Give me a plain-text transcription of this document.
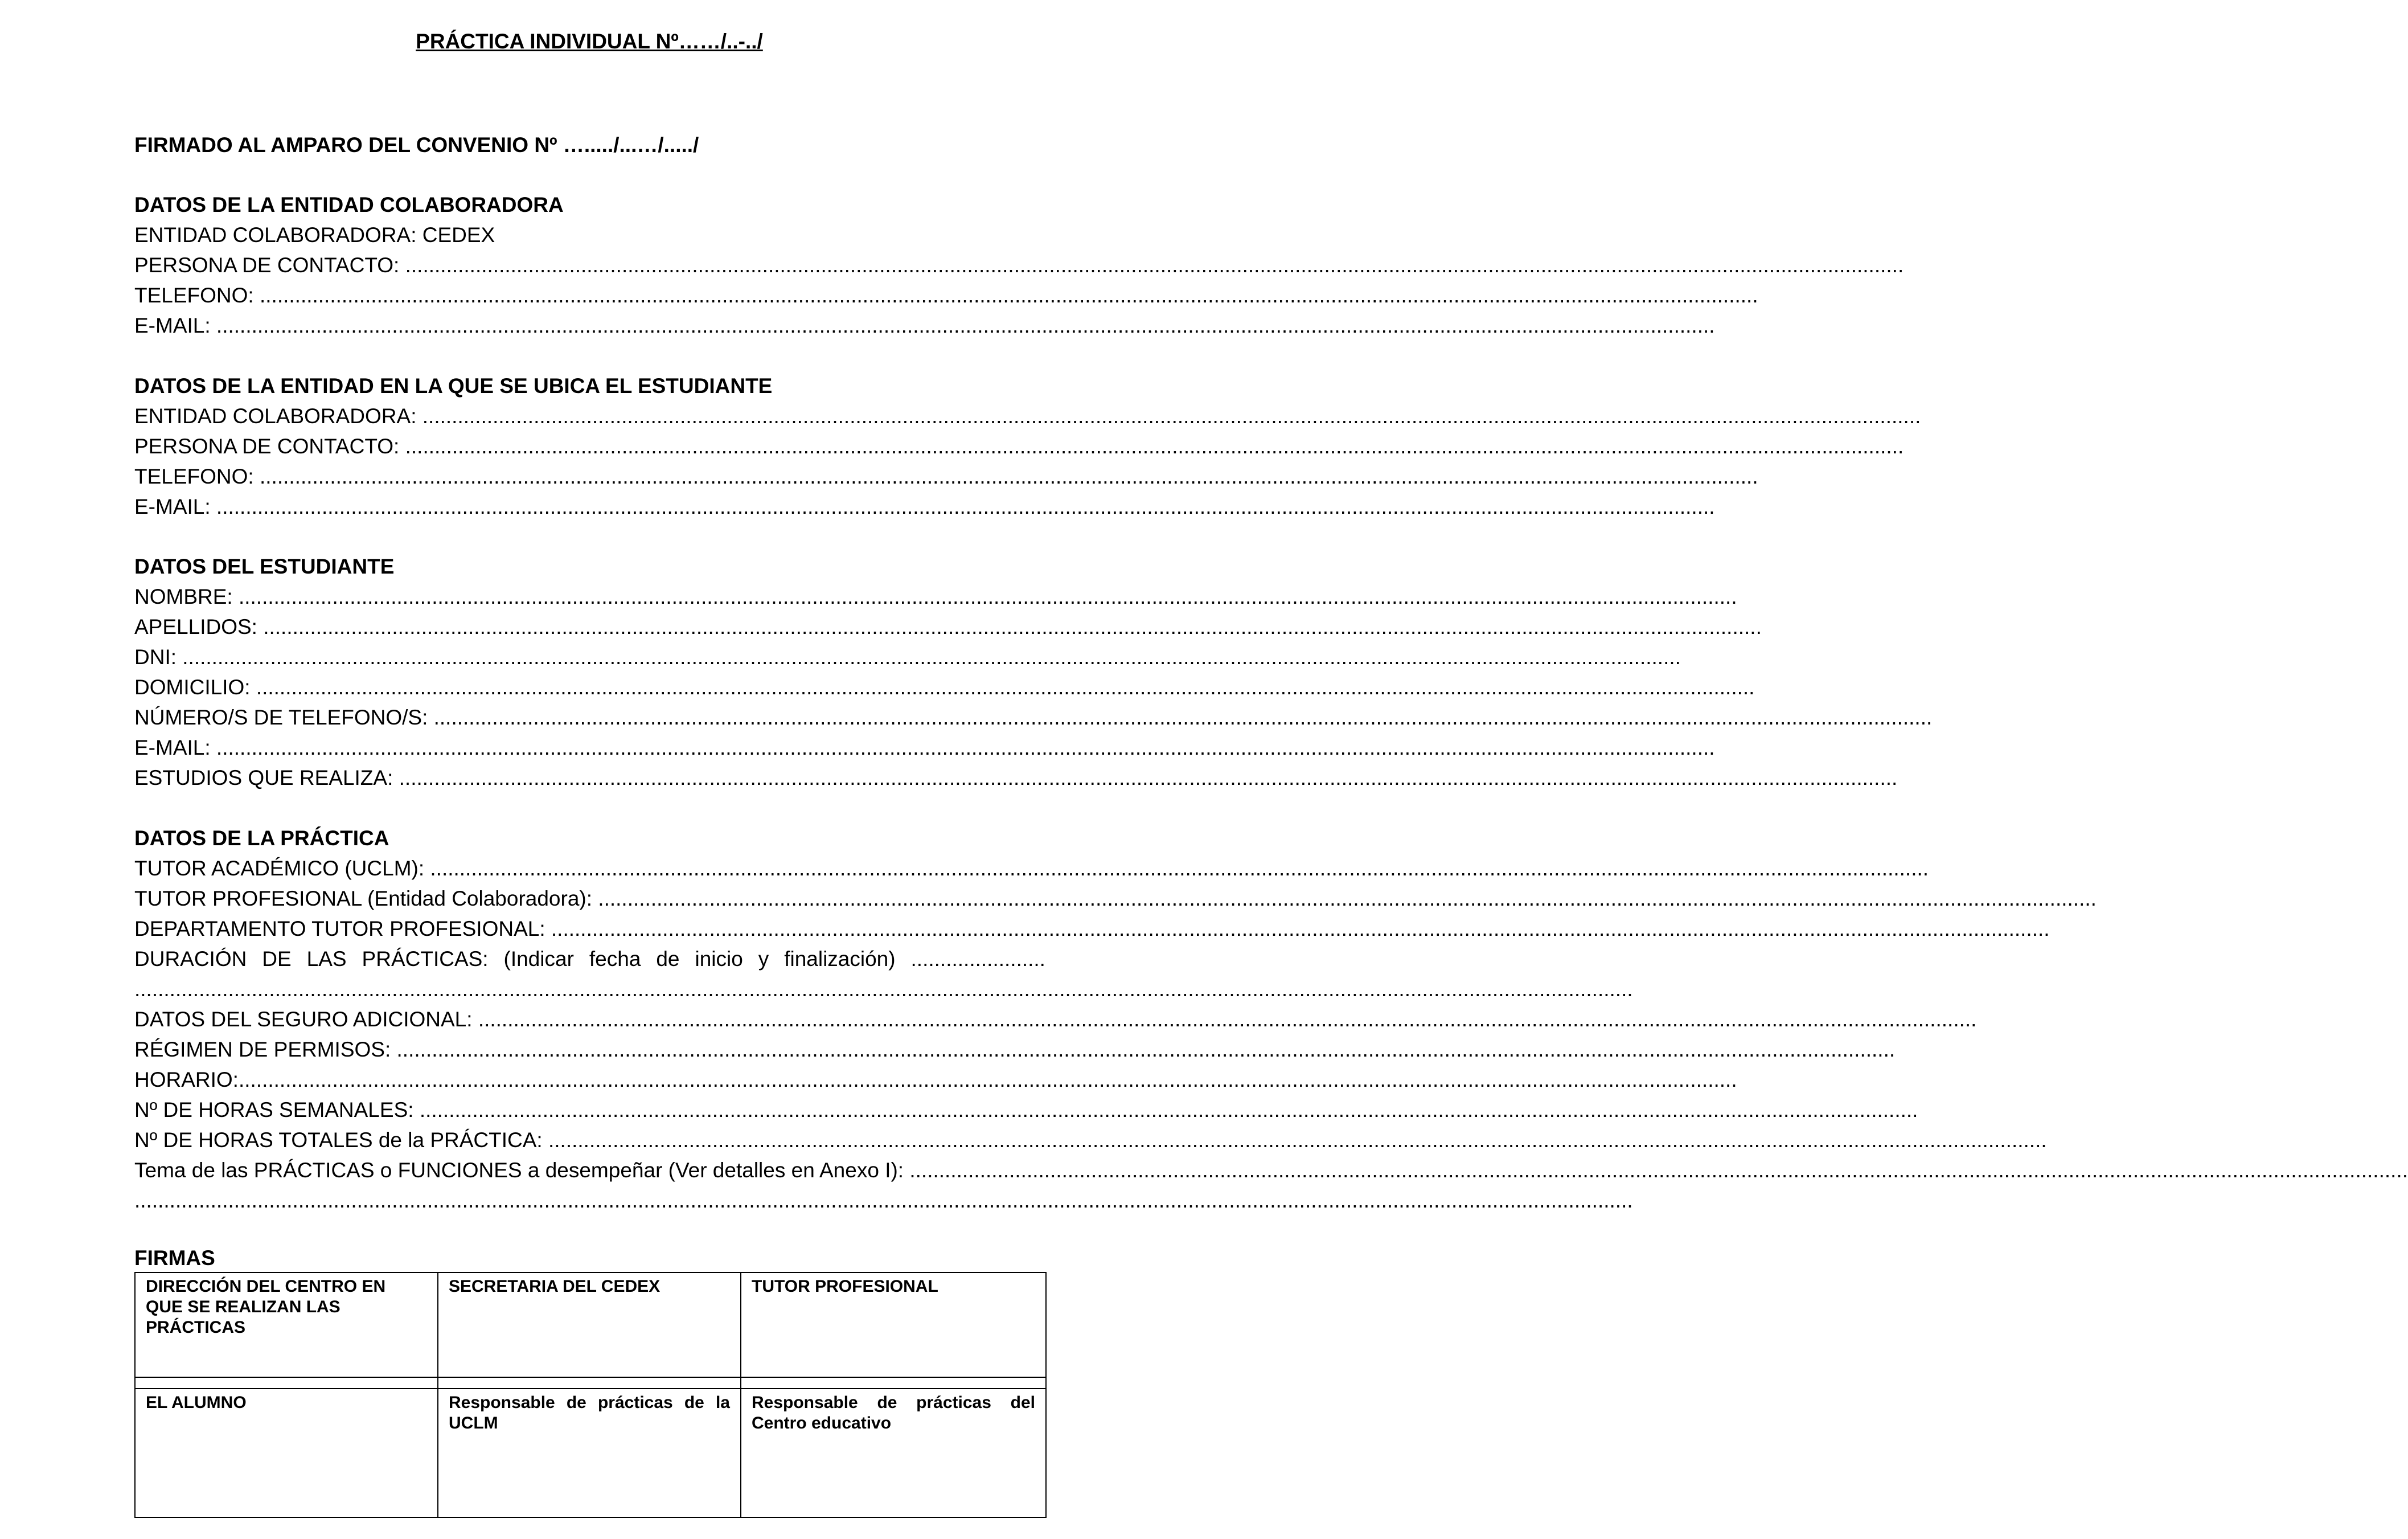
PRÁCTICA INDIVIDUAL Nº……/..-../
FIRMADO AL AMPARO DEL CONVENIO Nº …...../...…/...../
DATOS DE LA ENTIDAD COLABORADORA
ENTIDAD COLABORADORA: CEDEX
PERSONA DE CONTACTO: ................................................................................................................................................................................................................................................................
TELEFONO: ................................................................................................................................................................................................................................................................
E-MAIL: ................................................................................................................................................................................................................................................................
DATOS DE LA ENTIDAD EN LA QUE SE UBICA EL ESTUDIANTE
ENTIDAD COLABORADORA: ................................................................................................................................................................................................................................................................
PERSONA DE CONTACTO: ................................................................................................................................................................................................................................................................
TELEFONO: ................................................................................................................................................................................................................................................................
E-MAIL: ................................................................................................................................................................................................................................................................
DATOS DEL ESTUDIANTE
NOMBRE: ................................................................................................................................................................................................................................................................
APELLIDOS: ................................................................................................................................................................................................................................................................
DNI: ................................................................................................................................................................................................................................................................
DOMICILIO: ................................................................................................................................................................................................................................................................
NÚMERO/S DE TELEFONO/S: ................................................................................................................................................................................................................................................................
E-MAIL: ................................................................................................................................................................................................................................................................
ESTUDIOS QUE REALIZA: ................................................................................................................................................................................................................................................................
DATOS DE LA PRÁCTICA
TUTOR ACADÉMICO (UCLM): ................................................................................................................................................................................................................................................................
TUTOR PROFESIONAL (Entidad Colaboradora): ................................................................................................................................................................................................................................................................
DEPARTAMENTO TUTOR PROFESIONAL: ................................................................................................................................................................................................................................................................
DURACIÓN DE LAS PRÁCTICAS: (Indicar fecha de inicio y finalización) .......................
................................................................................................................................................................................................................................................................
DATOS DEL SEGURO ADICIONAL: ................................................................................................................................................................................................................................................................
RÉGIMEN DE PERMISOS: ................................................................................................................................................................................................................................................................
HORARIO:................................................................................................................................................................................................................................................................
Nº DE HORAS SEMANALES: ................................................................................................................................................................................................................................................................
Nº DE HORAS TOTALES de la PRÁCTICA: ................................................................................................................................................................................................................................................................
Tema de las PRÁCTICAS o FUNCIONES a desempeñar (Ver detalles en Anexo I): ................................................................................................................................................................................................................................................................
................................................................................................................................................................................................................................................................
FIRMAS
DIRECCIÓN DEL CENTRO EN QUE SE REALIZAN LAS PRÁCTICAS	SECRETARIA DEL CEDEX	TUTOR PROFESIONAL

EL ALUMNO	Responsable de prácticas de la UCLM	Responsable de prácticas del Centro educativo
